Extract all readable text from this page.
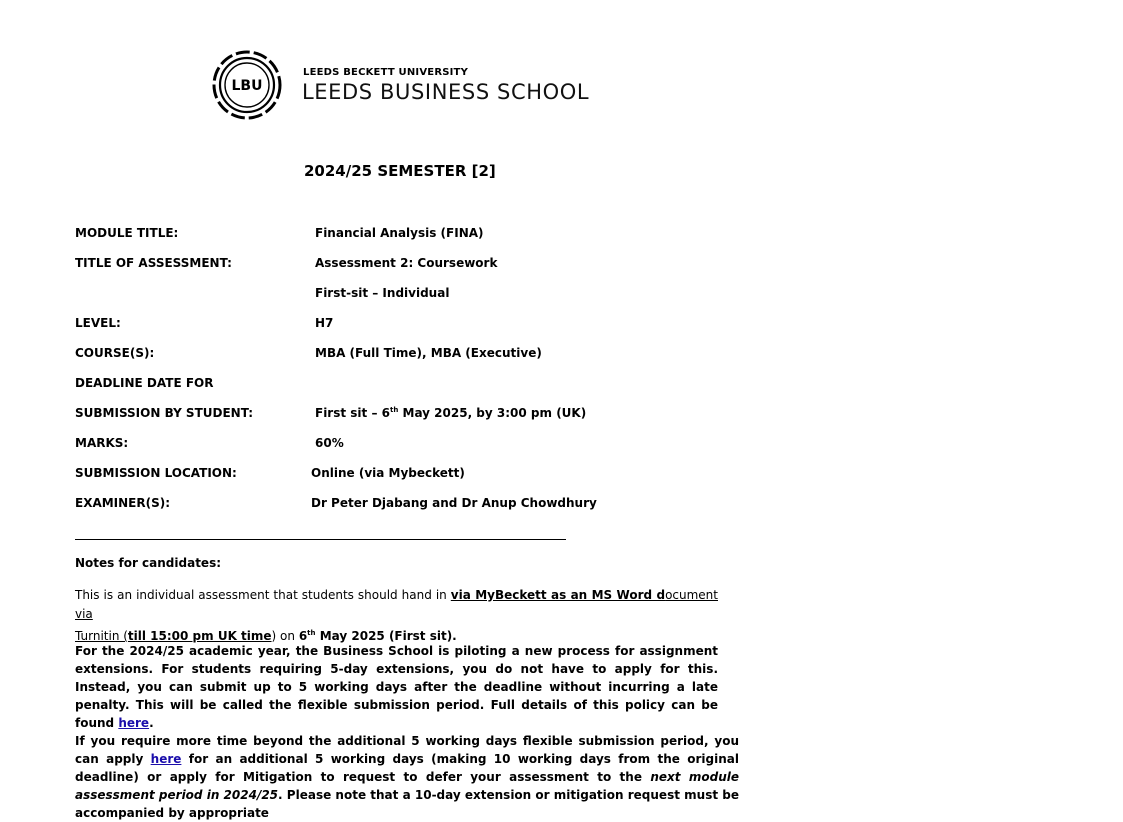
LBU
LEEDS BECKETT UNIVERSITY
LEEDS BUSINESS SCHOOL
2024/25 SEMESTER [2]
MODULE TITLE:	Financial Analysis (FINA)
TITLE OF ASSESSMENT:	Assessment 2: Coursework
First-sit – Individual
LEVEL:	H7
COURSE(S):	MBA (Full Time), MBA (Executive)
DEADLINE DATE FOR
SUBMISSION BY STUDENT:	First sit – 6th May 2025, by 3:00 pm (UK)
MARKS:	60%
SUBMISSION LOCATION:	Online (via Mybeckett)
EXAMINER(S):	Dr Peter Djabang and Dr Anup Chowdhury
Notes for candidates:
This is an individual assessment that students should hand in via MyBeckett as an MS Word document via
Turnitin (till 15:00 pm UK time) on 6th May 2025 (First sit).
For the 2024/25 academic year, the Business School is piloting a new process for assignment extensions. For students requiring 5-day extensions, you do not have to apply for this. Instead, you can submit up to 5 working days after the deadline without incurring a late penalty. This will be called the flexible submission period. Full details of this policy can be found here.
If you require more time beyond the additional 5 working days flexible submission period, you can apply here for an additional 5 working days (making 10 working days from the original deadline) or apply for Mitigation to request to defer your assessment to the next module assessment period in 2024/25. Please note that a 10-day extension or mitigation request must be accompanied by appropriate
